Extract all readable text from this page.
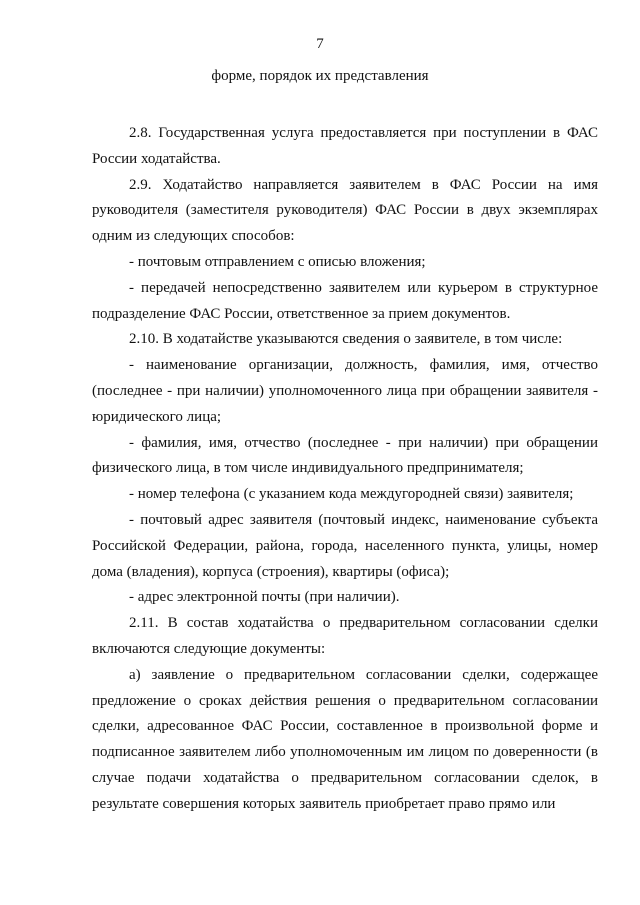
7
форме, порядок их представления

2.8. Государственная услуга предоставляется при поступлении в ФАС России ходатайства.

2.9. Ходатайство направляется заявителем в ФАС России на имя руководителя (заместителя руководителя) ФАС России в двух экземплярах одним из следующих способов:

- почтовым отправлением с описью вложения;

- передачей непосредственно заявителем или курьером в структурное подразделение ФАС России, ответственное за прием документов.

2.10. В ходатайстве указываются сведения о заявителе, в том числе:

- наименование организации, должность, фамилия, имя, отчество (последнее - при наличии) уполномоченного лица при обращении заявителя - юридического лица;

- фамилия, имя, отчество (последнее - при наличии) при обращении физического лица, в том числе индивидуального предпринимателя;

- номер телефона (с указанием кода междугородней связи) заявителя;

- почтовый адрес заявителя (почтовый индекс, наименование субъекта Российской Федерации, района, города, населенного пункта, улицы, номер дома (владения), корпуса (строения), квартиры (офиса);

- адрес электронной почты (при наличии).

2.11. В состав ходатайства о предварительном согласовании сделки включаются следующие документы:

а) заявление о предварительном согласовании сделки, содержащее предложение о сроках действия решения о предварительном согласовании сделки, адресованное ФАС России, составленное в произвольной форме и подписанное заявителем либо уполномоченным им лицом по доверенности (в случае подачи ходатайства о предварительном согласовании сделок, в результате совершения которых заявитель приобретает право прямо или
